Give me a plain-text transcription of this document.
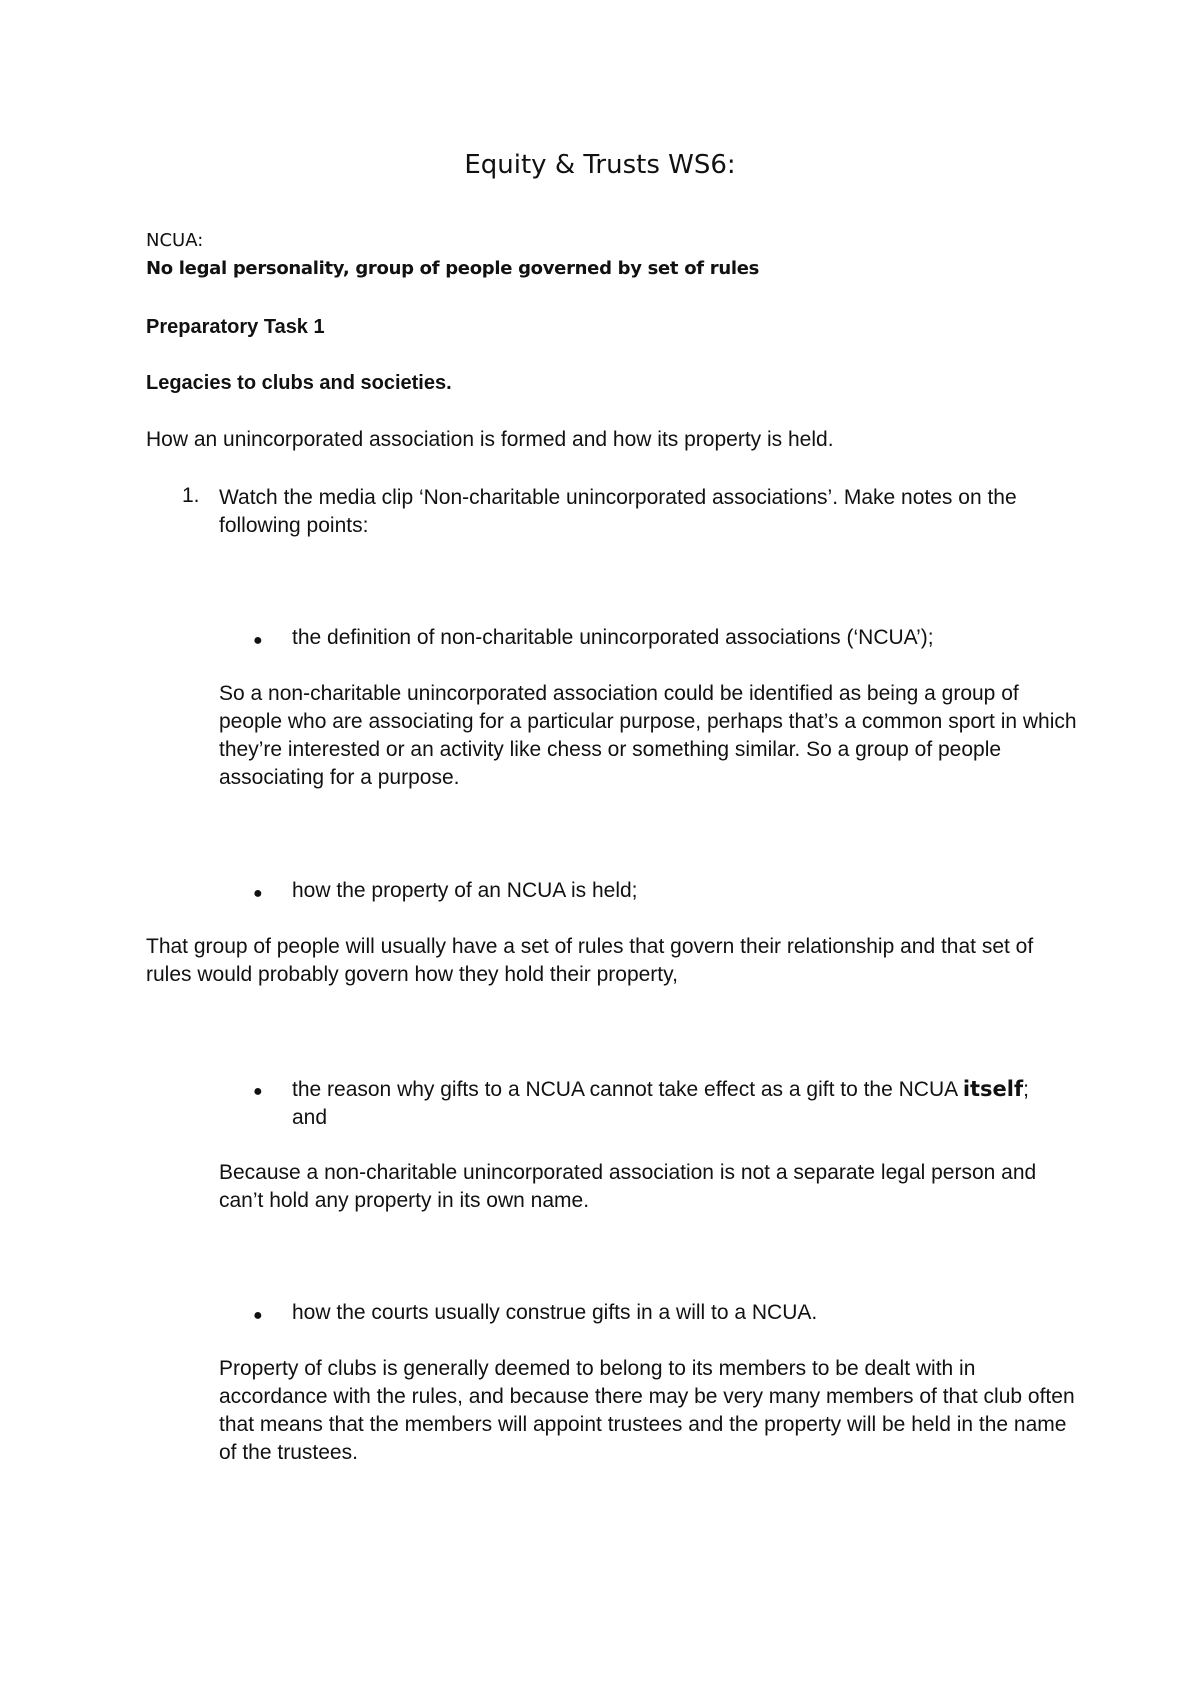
Equity & Trusts WS6:
NCUA:
No legal personality, group of people governed by set of rules
Preparatory Task 1
Legacies to clubs and societies.
How an unincorporated association is formed and how its property is held.
1. Watch the media clip ‘Non-charitable unincorporated associations’. Make notes on the following points:
● the definition of non-charitable unincorporated associations (‘NCUA’);
So a non-charitable unincorporated association could be identified as being a group of people who are associating for a particular purpose, perhaps that’s a common sport in which they’re interested or an activity like chess or something similar. So a group of people associating for a purpose.
● how the property of an NCUA is held;
That group of people will usually have a set of rules that govern their relationship and that set of rules would probably govern how they hold their property,
● the reason why gifts to a NCUA cannot take effect as a gift to the NCUA itself; and
Because a non-charitable unincorporated association is not a separate legal person and can’t hold any property in its own name.
● how the courts usually construe gifts in a will to a NCUA.
Property of clubs is generally deemed to belong to its members to be dealt with in accordance with the rules, and because there may be very many members of that club often that means that the members will appoint trustees and the property will be held in the name of the trustees.
